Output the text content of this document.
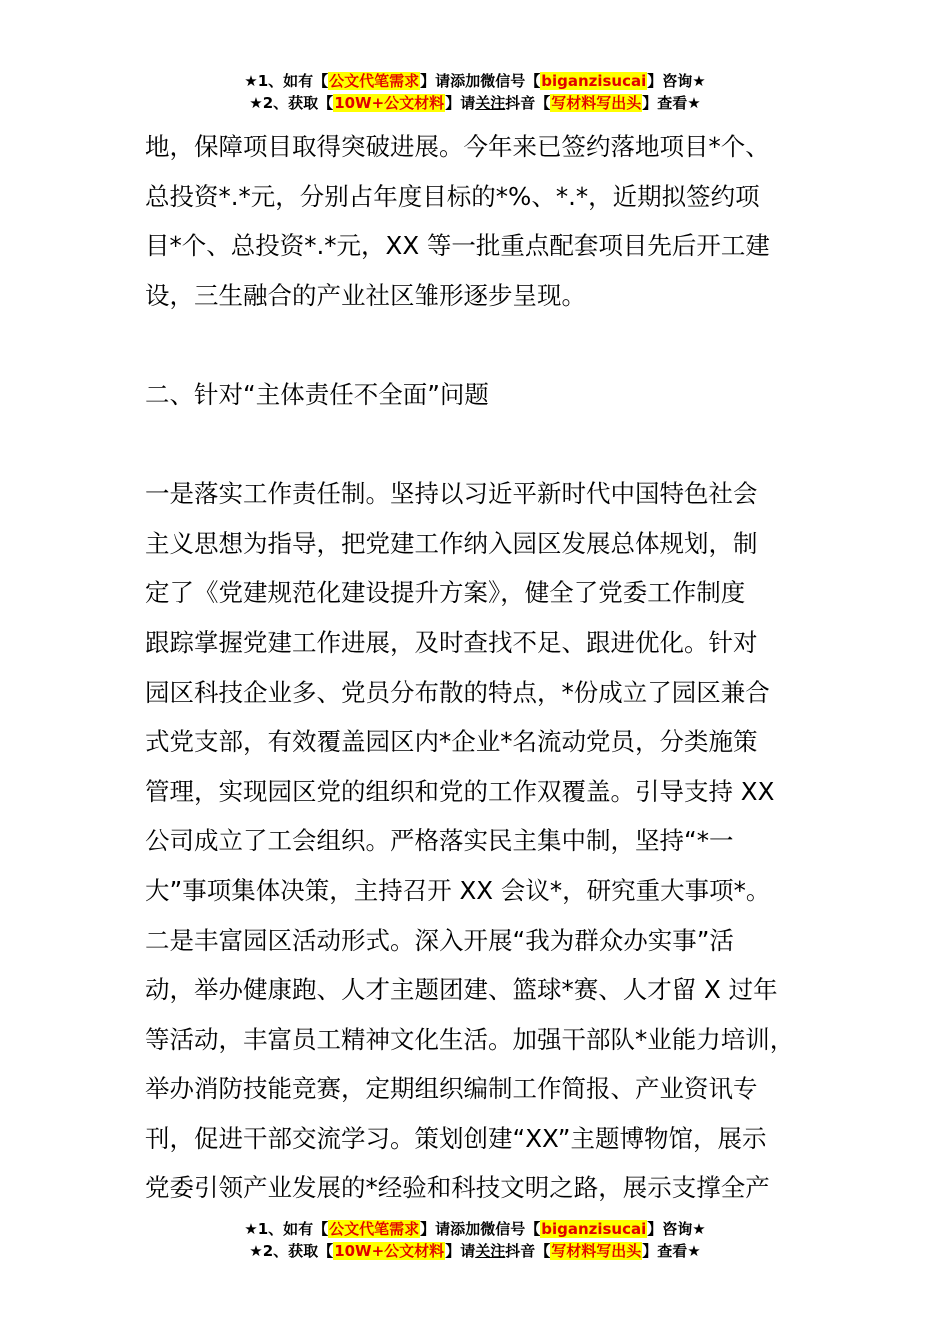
★1、如有【公文代笔需求】请添加微信号【biganzisucai】咨询★
★2、获取【10W+公文材料】请关注抖音【写材料写出头】查看★

地，保障项目取得突破进展。今年来已签约落地项目*个、

总投资*.*元，分别占年度目标的*%、*.*，近期拟签约项

目*个、总投资*.*元，XX 等一批重点配套项目先后开工建

设，三生融合的产业社区雏形逐步呈现。

二、针对“主体责任不全面”问题

一是落实工作责任制。坚持以习近平新时代中国特色社会

主义思想为指导，把党建工作纳入园区发展总体规划，制

定了《党建规范化建设提升方案》，健全了党委工作制度

跟踪掌握党建工作进展，及时查找不足、跟进优化。针对

园区科技企业多、党员分布散的特点，*份成立了园区兼合

式党支部，有效覆盖园区内*企业*名流动党员，分类施策

管理，实现园区党的组织和党的工作双覆盖。引导支持 XX

公司成立了工会组织。严格落实民主集中制，坚持“*一

大”事项集体决策，主持召开 XX 会议*，研究重大事项*。

二是丰富园区活动形式。深入开展“我为群众办实事”活

动，举办健康跑、人才主题团建、篮球*赛、人才留 X 过年

等活动，丰富员工精神文化生活。加强干部队*业能力培训，

举办消防技能竞赛，定期组织编制工作简报、产业资讯专

刊，促进干部交流学习。策划创建“XX”主题博物馆，展示

党委引领产业发展的*经验和科技文明之路，展示支撑全产

★1、如有【公文代笔需求】请添加微信号【biganzisucai】咨询★
★2、获取【10W+公文材料】请关注抖音【写材料写出头】查看★
